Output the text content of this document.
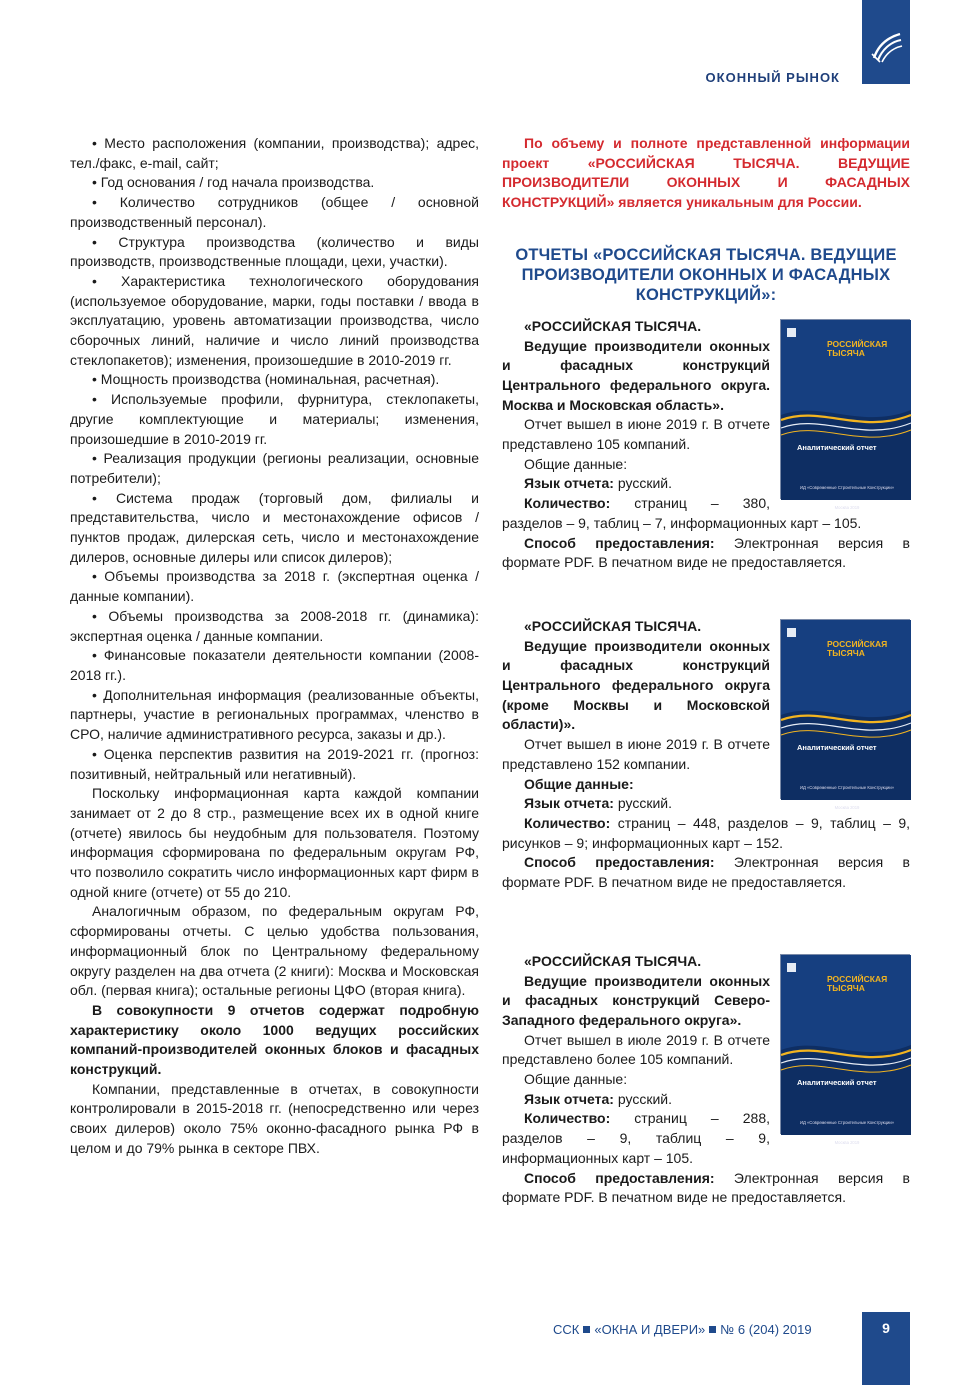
ОКОННЫЙ РЫНОК

• Место расположения (компании, производства); адрес, тел./факс, e-mail, сайт;

• Год основания / год начала производства.

• Количество сотрудников (общее / основной производственный персонал).

• Структура производства (количество и виды производств, производственные площади, цехи, участки).

• Характеристика технологического оборудования (используемое оборудование, марки, годы поставки / ввода в эксплуатацию, уровень автоматизации производства, число сборочных линий, наличие и число линий производства стеклопакетов); изменения, произошедшие в 2010-2019 гг.

• Мощность производства (номинальная, расчетная).

• Используемые профили, фурнитура, стеклопакеты, другие комплектующие и материалы; изменения, произошедшие в 2010-2019 гг.

• Реализация продукции (регионы реализации, основные потребители);

• Система продаж (торговый дом, филиалы и представительства, число и местонахождение офисов / пунктов продаж, дилерская сеть, число и местонахождение дилеров, основные дилеры или список дилеров);

• Объемы производства за 2018 г. (экспертная оценка / данные компании).

• Объемы производства за 2008-2018 гг. (динамика): экспертная оценка / данные компании.

• Финансовые показатели деятельности компании (2008-2018 гг.).

• Дополнительная информация (реализованные объекты, партнеры, участие в региональных программах, членство в СРО, наличие административного ресурса, заказы и др.).

• Оценка перспектив развития на 2019-2021 гг. (прогноз: позитивный, нейтральный или негативный).

Поскольку информационная карта каждой компании занимает от 2 до 8 стр., размещение всех их в одной книге (отчете) явилось бы неудобным для пользователя. Поэтому информация сформирована по федеральным округам РФ, что позволило сократить число информационных карт фирм в одной книге (отчете) от 55 до 210.

Аналогичным образом, по федеральным округам РФ, сформированы отчеты. С целью удобства пользования, информационный блок по Центральному федеральному округу разделен на два отчета (2 книги): Москва и Московская обл. (первая книга); остальные регионы ЦФО (вторая книга).

В совокупности 9 отчетов содержат подробную характеристику около 1000 ведущих российских компаний-производителей оконных блоков и фасадных конструкций.

Компании, представленные в отчетах, в совокупности контролировали в 2015-2018 гг. (непосредственно или через своих дилеров) около 75% оконно-фасадного рынка РФ в целом и до 79% рынка в секторе ПВХ.

По объему и полноте представленной информации проект «РОССИЙСКАЯ ТЫСЯЧА. ВЕДУЩИЕ ПРОИЗВОДИТЕЛИ ОКОННЫХ И ФАСАДНЫХ КОНСТРУКЦИЙ» является уникальным для России.

ОТЧЕТЫ «РОССИЙСКАЯ ТЫСЯЧА. ВЕДУЩИЕ ПРОИЗВОДИТЕЛИ ОКОННЫХ И ФАСАДНЫХ КОНСТРУКЦИЙ»:
РОССИЙСКАЯ ТЫСЯЧА
Аналитический отчет
ИД «Современные Строительные Конструкции» Москва 2019

«РОССИЙСКАЯ ТЫСЯЧА.

Ведущие производители оконных и фасадных конструкций Центрального федерального округа. Москва и Московская область».

Отчет вышел в июне 2019 г. В отчете представлено 105 компаний.

Общие данные:

Язык отчета: русский.

Количество: страниц – 380, разделов – 9, таблиц – 7, информационных карт – 105.

Способ предоставления: Электронная версия в формате PDF. В печатном виде не предоставляется.

РОССИЙСКАЯ ТЫСЯЧА
Аналитический отчет
ИД «Современные Строительные Конструкции» Москва 2019

«РОССИЙСКАЯ ТЫСЯЧА.

Ведущие производители оконных и фасадных конструкций Центрального федерального округа (кроме Москвы и Московской области)».

Отчет вышел в июне 2019 г. В отчете представлено 152 компании.

Общие данные:

Язык отчета: русский.

Количество: страниц – 448, разделов – 9, таблиц – 9, рисунков – 9; информационных карт – 152.

Способ предоставления: Электронная версия в формате PDF. В печатном виде не предоставляется.

РОССИЙСКАЯ ТЫСЯЧА
Аналитический отчет
ИД «Современные Строительные Конструкции» Москва 2019

«РОССИЙСКАЯ ТЫСЯЧА.

Ведущие производители оконных и фасадных конструкций Северо-Западного федерального округа».

Отчет вышел в июле 2019 г. В отчете представлено более 105 компаний.

Общие данные:

Язык отчета: русский.

Количество: страниц – 288, разделов – 9, таблиц – 9, информационных карт – 105.

Способ предоставления: Электронная версия в формате PDF. В печатном виде не предоставляется.

ССК «ОКНА И ДВЕРИ» № 6 (204) 2019	9
